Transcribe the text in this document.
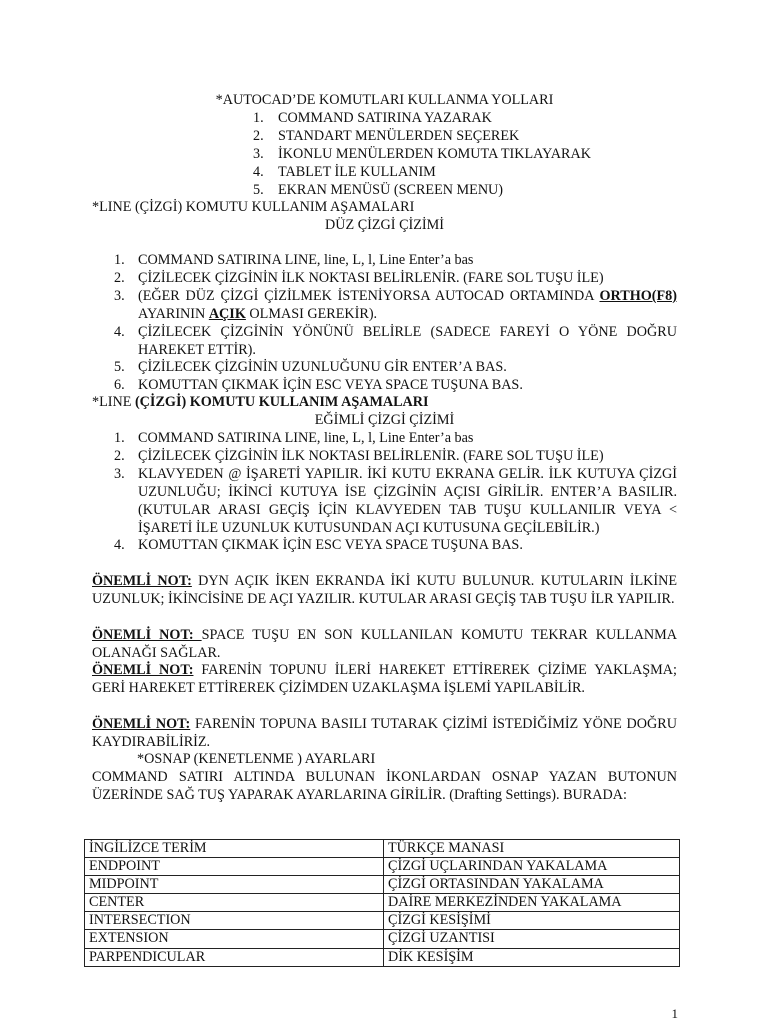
*AUTOCAD’DE KOMUTLARI KULLANMA YOLLARI
1. COMMAND SATIRINA YAZARAK
2. STANDART MENÜLERDEN SEÇEREK
3. İKONLU MENÜLERDEN KOMUTA TIKLAYARAK
4. TABLET İLE KULLANIM
5. EKRAN MENÜSÜ (SCREEN MENU)
*LINE (ÇİZGİ) KOMUTU KULLANIM AŞAMALARI
DÜZ ÇİZGİ ÇİZİMİ
1. COMMAND SATIRINA LINE, line, L, l, Line Enter’a bas
2. ÇİZİLECEK ÇİZGİNİN İLK NOKTASI BELİRLENİR. (FARE SOL TUŞU İLE)
3. (EĞER DÜZ ÇİZGİ ÇİZİLMEK İSTENİYORSA AUTOCAD ORTAMINDA ORTHO(F8) AYARININ AÇIK OLMASI GEREKİR).
4. ÇİZİLECEK ÇİZGİNİN YÖNÜNÜ BELİRLE (SADECE FAREYİ O YÖNE DOĞRU HAREKET ETTİR).
5. ÇİZİLECEK ÇİZGİNİN UZUNLUĞUNU GİR ENTER’A BAS.
6. KOMUTTAN ÇIKMAK İÇİN ESC VEYA SPACE TUŞUNA BAS.
*LINE (ÇİZGİ) KOMUTU KULLANIM AŞAMALARI
EĞİMLİ ÇİZGİ ÇİZİMİ
1. COMMAND SATIRINA LINE, line, L, l, Line Enter’a bas
2. ÇİZİLECEK ÇİZGİNİN İLK NOKTASI BELİRLENİR. (FARE SOL TUŞU İLE)
3. KLAVYEDEN @ İŞARETİ YAPILIR. İKİ KUTU EKRANA GELİR. İLK KUTUYA ÇİZGİ UZUNLUĞU; İKİNCİ KUTUYA İSE ÇİZGİNİN AÇISI GİRİLİR. ENTER’A BASILIR. (KUTULAR ARASI GEÇİŞ İÇİN KLAVYEDEN TAB TUŞU KULLANILIR VEYA < İŞARETİ İLE UZUNLUK KUTUSUNDAN AÇI KUTUSUNA GEÇİLEBİLİR.)
4. KOMUTTAN ÇIKMAK İÇİN ESC VEYA SPACE TUŞUNA BAS.
ÖNEMLİ NOT: DYN AÇIK İKEN EKRANDA İKİ KUTU BULUNUR. KUTULARIN İLKİNE UZUNLUK; İKİNCİSİNE DE AÇI YAZILIR. KUTULAR ARASI GEÇİŞ TAB TUŞU İLR YAPILIR.
ÖNEMLİ NOT: SPACE TUŞU EN SON KULLANILAN KOMUTU TEKRAR KULLANMA OLANAĞI SAĞLAR.
ÖNEMLİ NOT: FARENİN TOPUNU İLERİ HAREKET ETTİREREK ÇİZİME YAKLAŞMA; GERİ HAREKET ETTİREREK ÇİZİMDEN UZAKLAŞMA İŞLEMİ YAPILABİLİR.
ÖNEMLİ NOT: FARENİN TOPUNA BASILI TUTARAK ÇİZİMİ İSTEDİĞİMİZ YÖNE DOĞRU KAYDIRABİLİRİZ.
*OSNAP (KENETLENME ) AYARLARI
COMMAND SATIRI ALTINDA BULUNAN İKONLARDAN OSNAP YAZAN BUTONUN ÜZERİNDE SAĞ TUŞ YAPARAK AYARLARINA GİRİLİR. (Drafting Settings). BURADA:
İNGİLİZCE TERİM	TÜRKÇE MANASI
ENDPOINT	ÇİZGİ UÇLARINDAN YAKALAMA
MIDPOINT	ÇİZGİ ORTASINDAN YAKALAMA
CENTER	DAİRE MERKEZİNDEN YAKALAMA
INTERSECTION	ÇİZGİ KESİŞİMİ
EXTENSION	ÇİZGİ UZANTISI
PARPENDICULAR	DİK KESİŞİM
1
